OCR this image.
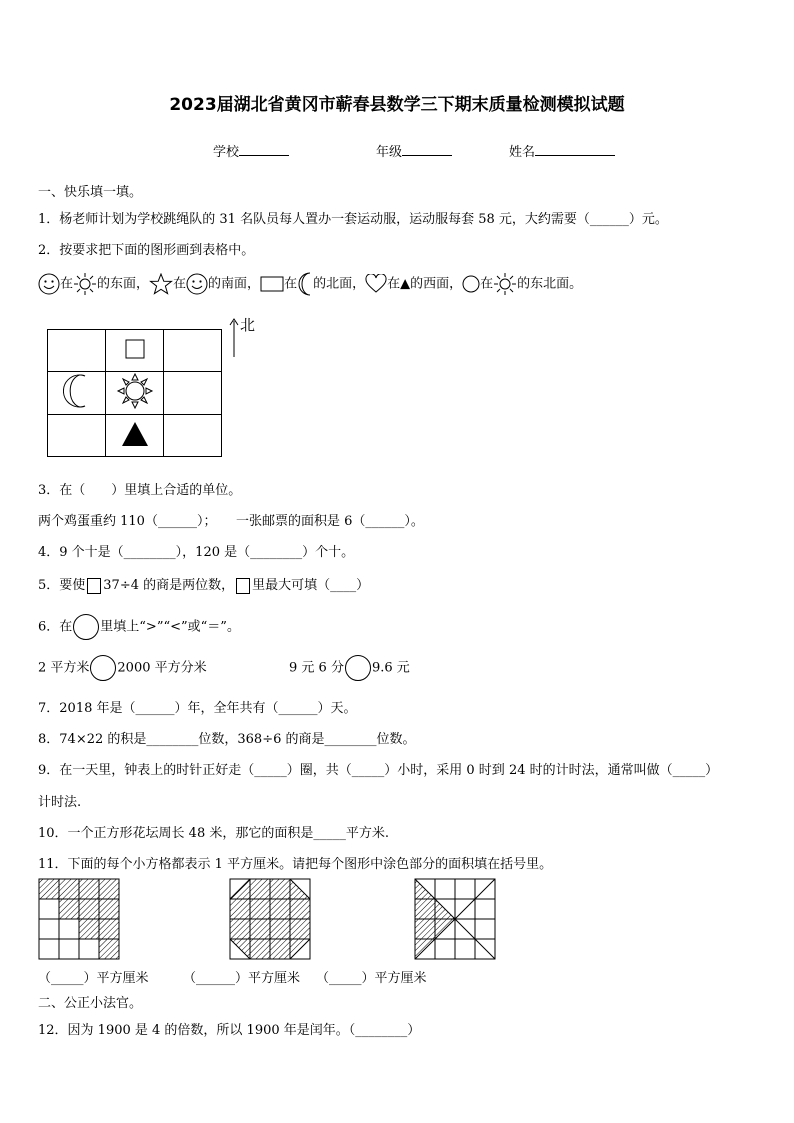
2023届湖北省黄冈市蕲春县数学三下期末质量检测模拟试题
学校	年级	姓名
一、快乐填一填。
1．杨老师计划为学校跳绳队的 31 名队员每人置办一套运动服，运动服每套 58 元，大约需要（______）元。
2．按要求把下面的图形画到表格中。
在 的东面， 在 的南面， 在 的北面， 在▲的西面， 在 的东北面。

北
3．在（　　）里填上合适的单位。
两个鸡蛋重约 110（______）；　　一张邮票的面积是 6（______）。
4．9 个十是（________），120 是（________）个十。
5．要使 37÷4 的商是两位数， 里最大可填（____）
6．在 里填上“>”“<”或“＝”。
2 平方米 2000 平方分米	9 元 6 分 9.6 元
7．2018 年是（______）年，全年共有（______）天。
8．74×22 的积是________位数，368÷6 的商是________位数。
9．在一天里，钟表上的时针正好走（_____）圈，共（_____）小时，采用 0 时到 24 时的计时法，通常叫做（_____）
计时法.
10．一个正方形花坛周长 48 米，那它的面积是_____平方米.
11．下面的每个小方格都表示 1 平方厘米。请把每个图形中涂色部分的面积填在括号里。
（_____）平方厘米	（______）平方厘米 （_____）平方厘米
二、公正小法官。
12．因为 1900 是 4 的倍数，所以 1900 年是闰年。（________）
